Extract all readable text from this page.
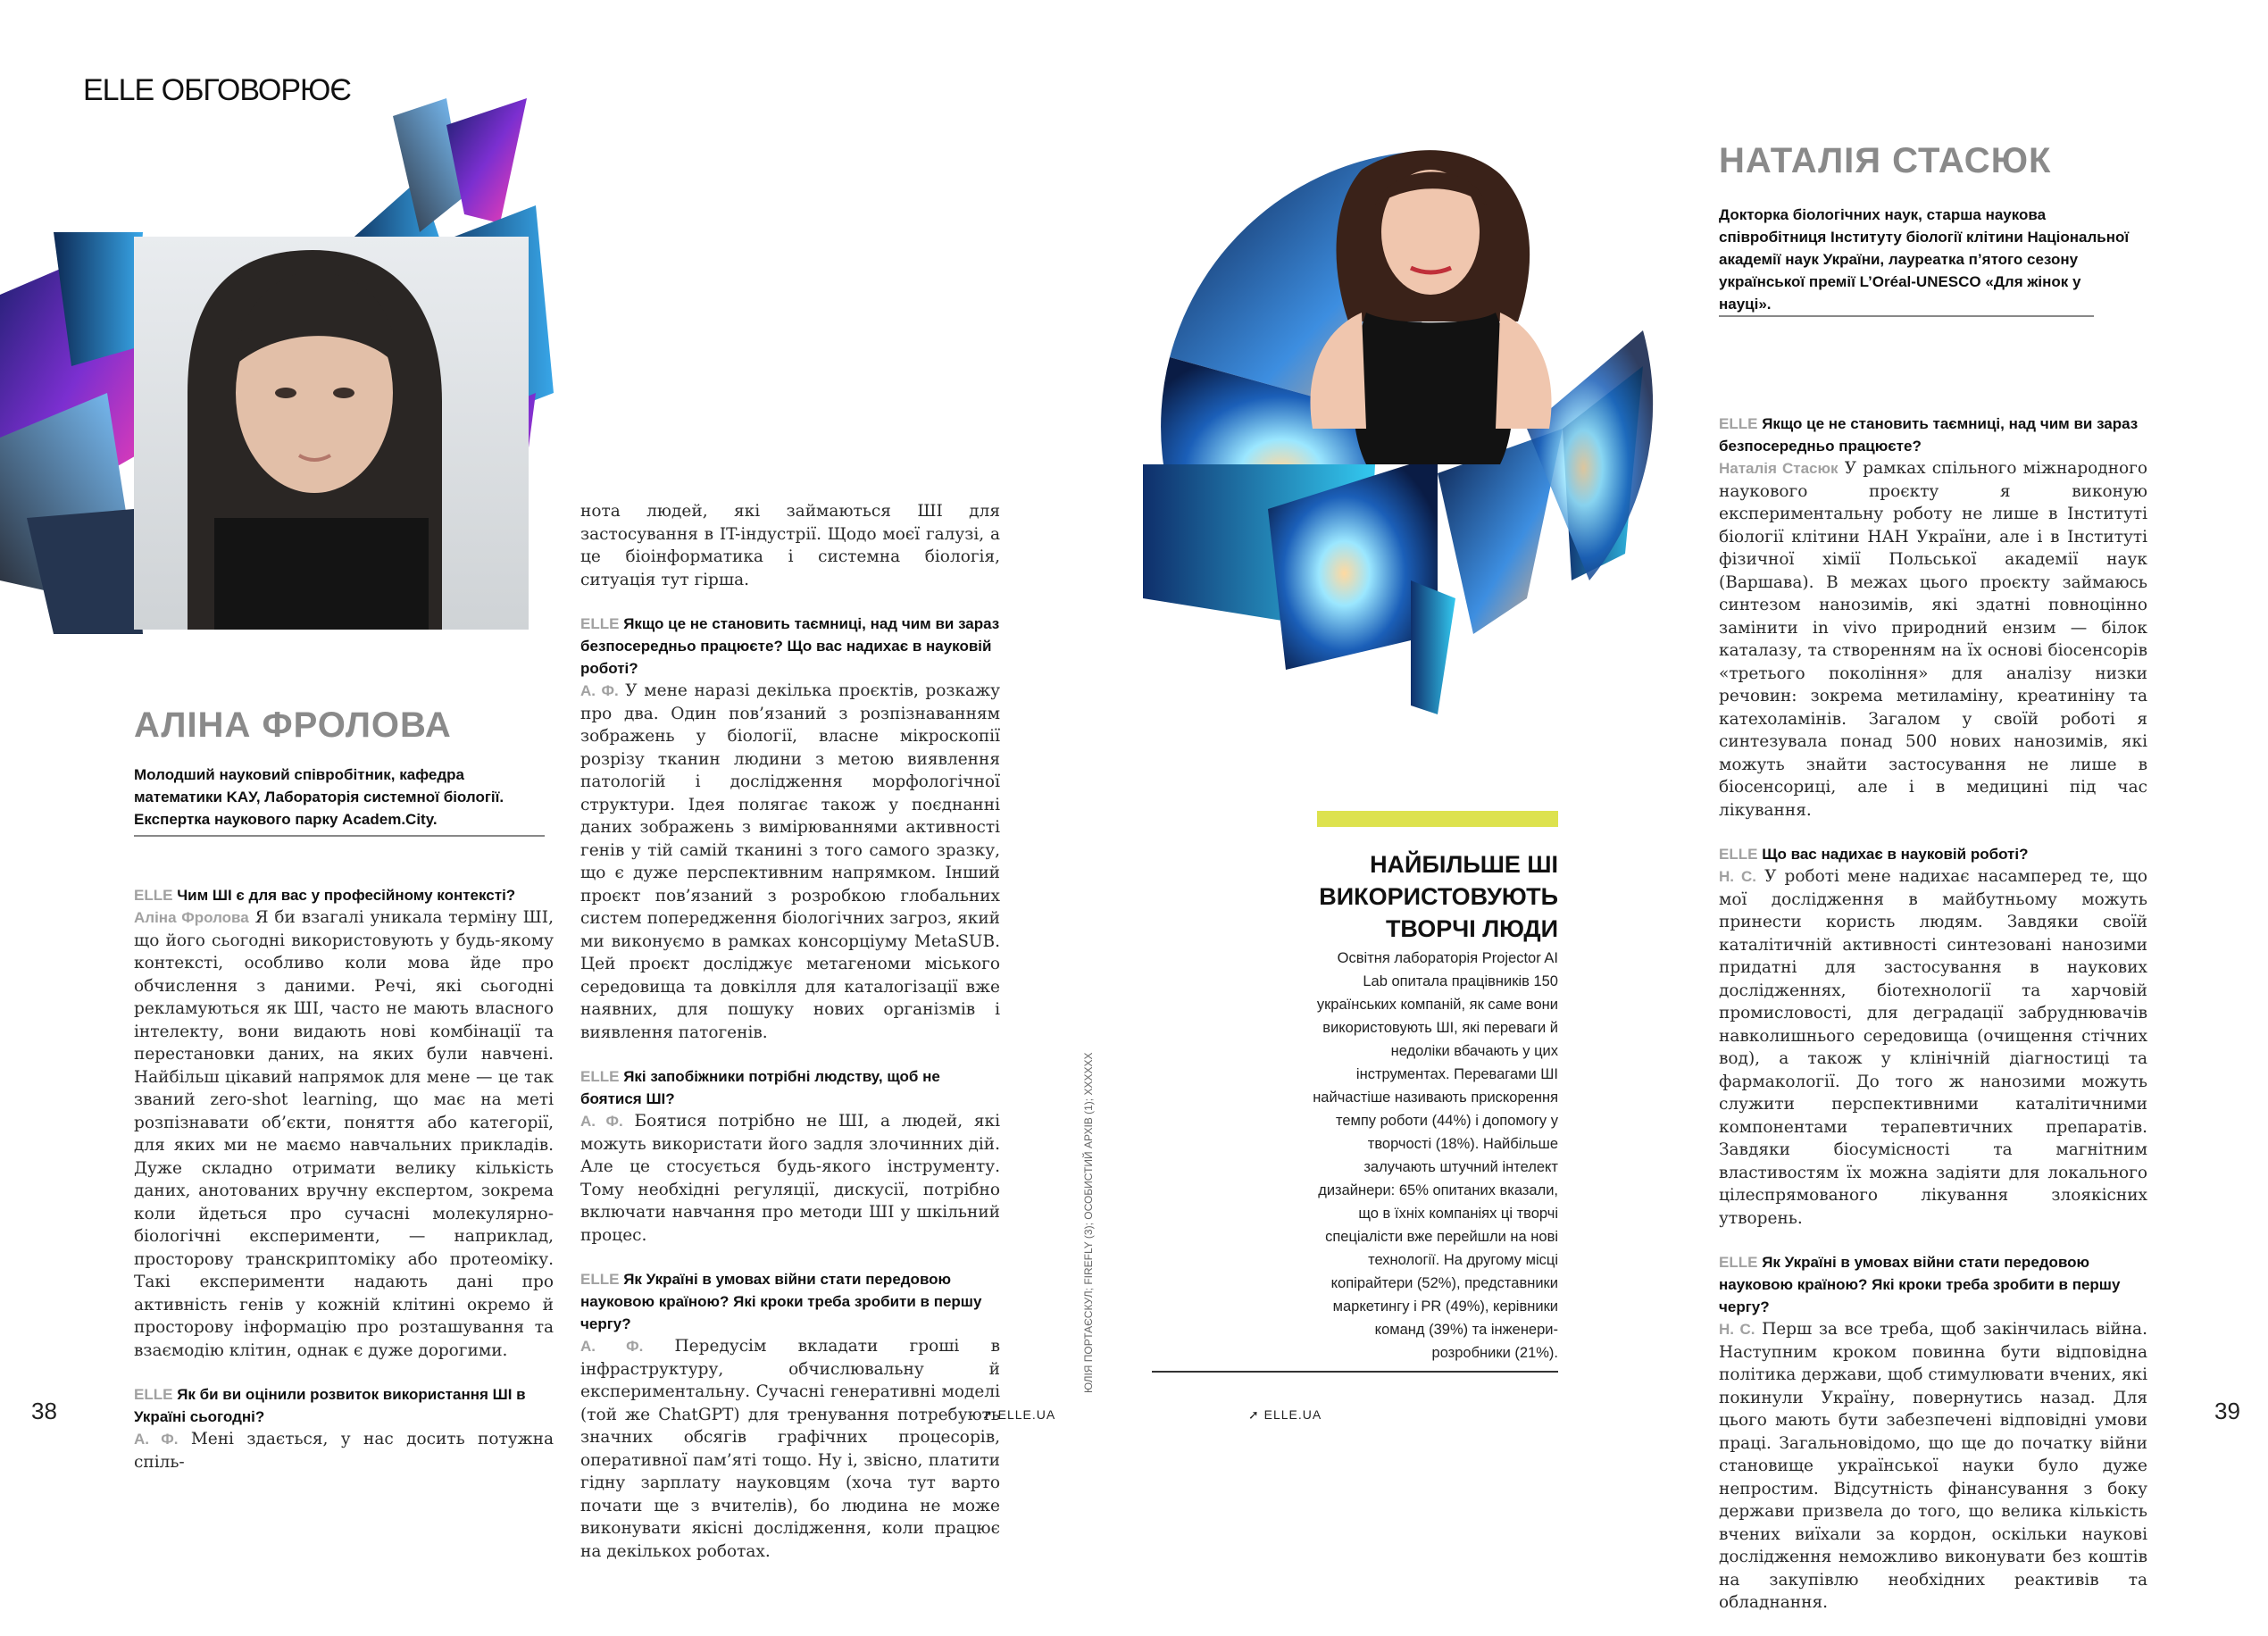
ELLE ОБГОВОРЮЄ
АЛІНА ФРОЛОВА
Молодший науковий співробітник, кафедра математики KAУ, Лабораторія системної біології. Експертка наукового парку Academ.City.
ELLE Чим ШІ є для вас у професійному контексті?

Аліна Фролова Я би взагалі уникала терміну ШІ, що його сьогодні використовують у будь-якому контексті, особливо коли мова йде про обчислення з даними. Речі, які сьогодні рекламуються як ШІ, часто не мають власного інтелекту, вони видають нові комбінації та перестановки даних, на яких були навчені. Найбільш цікавий напрямок для мене — це так званий zero-shot learning, що має на меті розпізнавати об’єкти, поняття або категорії, для яких ми не маємо навчальних прикладів. Дуже складно отримати велику кількість даних, анотованих вручну експертом, зокрема коли йдеться про сучасні молекулярно-біологічні експерименти, — наприклад, просторову транскриптоміку або протеоміку. Такі експерименти надають дані про активність генів у кожній клітині окремо й просторову інформацію про розташування та взаємодію клітин, однак є дуже дорогими.

ELLE Як би ви оцінили розвиток використання ШІ в Україні сьогодні?

А. Ф. Мені здається, у нас досить потужна спіль-

нота людей, які займаються ШІ для застосування в IT-індустрії. Щодо моєї галузі, а це біоінформатика і системна біологія, ситуація тут гірша.

ELLE Якщо це не становить таємниці, над чим ви зараз безпосередньо працюєте? Що вас надихає в науковій роботі?

А. Ф. У мене наразі декілька проєктів, розкажу про два. Один пов’язаний з розпізнаванням зображень у біології, власне мікроскопії розрізу тканин людини з метою виявлення патологій і дослідження морфологічної структури. Ідея полягає також у поєднанні даних зображень з вимірюваннями активності генів у тій самій тканині з того самого зразку, що є дуже перспективним напрямком. Інший проєкт пов’язаний з розробкою глобальних систем попередження біологічних загроз, який ми виконуємо в рамках консорціуму MetaSUB. Цей проєкт досліджує метагеноми міського середовища та довкілля для каталогізації вже наявних, для пошуку нових організмів і виявлення патогенів.

ELLE Які запобіжники потрібні людству, щоб не боятися ШІ?

А. Ф. Боятися потрібно не ШІ, а людей, які можуть використати його задля злочинних дій. Але це стосується будь-якого інструменту. Тому необхідні регуляції, дискусії, потрібно включати навчання про методи ШІ у шкільний процес.

ELLE Як Україні в умовах війни стати передовою науковою країною? Які кроки треба зробити в першу чергу?

А. Ф. Передусім вкладати гроші в інфраструктуру, обчислювальну й експериментальну. Сучасні генеративні моделі (той же ChatGPT) для тренування потребують значних обсягів графічних процесорів, оперативної пам’яті тощо. Ну і, звісно, платити гідну зарплату науковцям (хоча тут варто почати ще з вчителів), бо людина не може виконувати якісні дослідження, коли працює на декількох роботах.

ЮЛІЯ ПОРТАЄСКУЛ; FIREFLY (3); ОСОБИСТИЙ АРХІВ (1); XXXXXX
НАЙБІЛЬШЕ ШІ ВИКОРИСТОВУЮТЬ ТВОРЧІ ЛЮДИ
Освітня лабораторія Projector AI Lab опитала працівників 150 українських компаній, як саме вони використовують ШІ, які переваги й недоліки вбачають у цих інструментах. Перевагами ШІ найчастіше називають прискорення темпу роботи (44%) і допомогу у творчості (18%). Найбільше залучають штучний інтелект дизайнери: 65% опитаних вказали, що в їхніх компаніях ці творчі спеціалісти вже перейшли на нові технології. На другому місці копірайтери (52%), представники маркетингу і PR (49%), керівники команд (39%) та інженери-розробники (21%).
НАТАЛІЯ СТАСЮК
Докторка біологічних наук, старша наукова співробітниця Інституту біології клітини Національної академії наук України, лауреатка п’ятого сезону української премії L’Oréal-UNESCO «Для жінок у науці».
ELLE Якщо це не становить таємниці, над чим ви зараз безпосередньо працюєте?

Наталія Стасюк У рамках спільного міжнародного наукового проєкту я виконую експериментальну роботу не лише в Інституті біології клітини НАН України, але і в Інституті фізичної хімії Польської академії наук (Варшава). В межах цього проєкту займаюсь синтезом нанозимів, які здатні повноцінно замінити in vivo природний ензим — білок каталазу, та створенням на їх основі біосенсорів «третього покоління» для аналізу низки речовин: зокрема метиламіну, креатиніну та катехоламінів. Загалом у своїй роботі я синтезувала понад 500 нових нанозимів, які можуть знайти застосування не лише в біосенсориці, але і в медицині під час лікування.

ELLE Що вас надихає в науковій роботі?

Н. С. У роботі мене надихає насамперед те, що мої дослідження в майбутньому можуть принести користь людям. Завдяки своїй каталітичній активності синтезовані нанозими придатні для застосування в наукових дослідженнях, біотехнології та харчовій промисловості, для деградації забруднювачів навколишнього середовища (очищення стічних вод), а також у клінічній діагностиці та фармакології. До того ж нанозими можуть служити перспективними каталітичними компонентами терапевтичних препаратів. Завдяки біосумісності та магнітним властивостям їх можна задіяти для локального цілеспрямованого лікування злоякісних утворень.

ELLE Як Україні в умовах війни стати передовою науковою країною? Які кроки треба зробити в першу чергу?

Н. С. Перш за все треба, щоб закінчилась війна. Наступним кроком повинна бути відповідна політика держави, щоб стимулювати вчених, які покинули Україну, повернутись назад. Для цього мають бути забезпечені відповідні умови праці. Загальновідомо, що ще до початку війни становище української науки було дуже непростим. Відсутність фінансування з боку держави призвела до того, що велика кількість вчених виїхали за кордон, оскільки наукові дослідження неможливо виконувати без коштів на закупівлю необхідних реактивів та обладнання.

38	➚ ELLE.UA	➚ ELLE.UA	39
